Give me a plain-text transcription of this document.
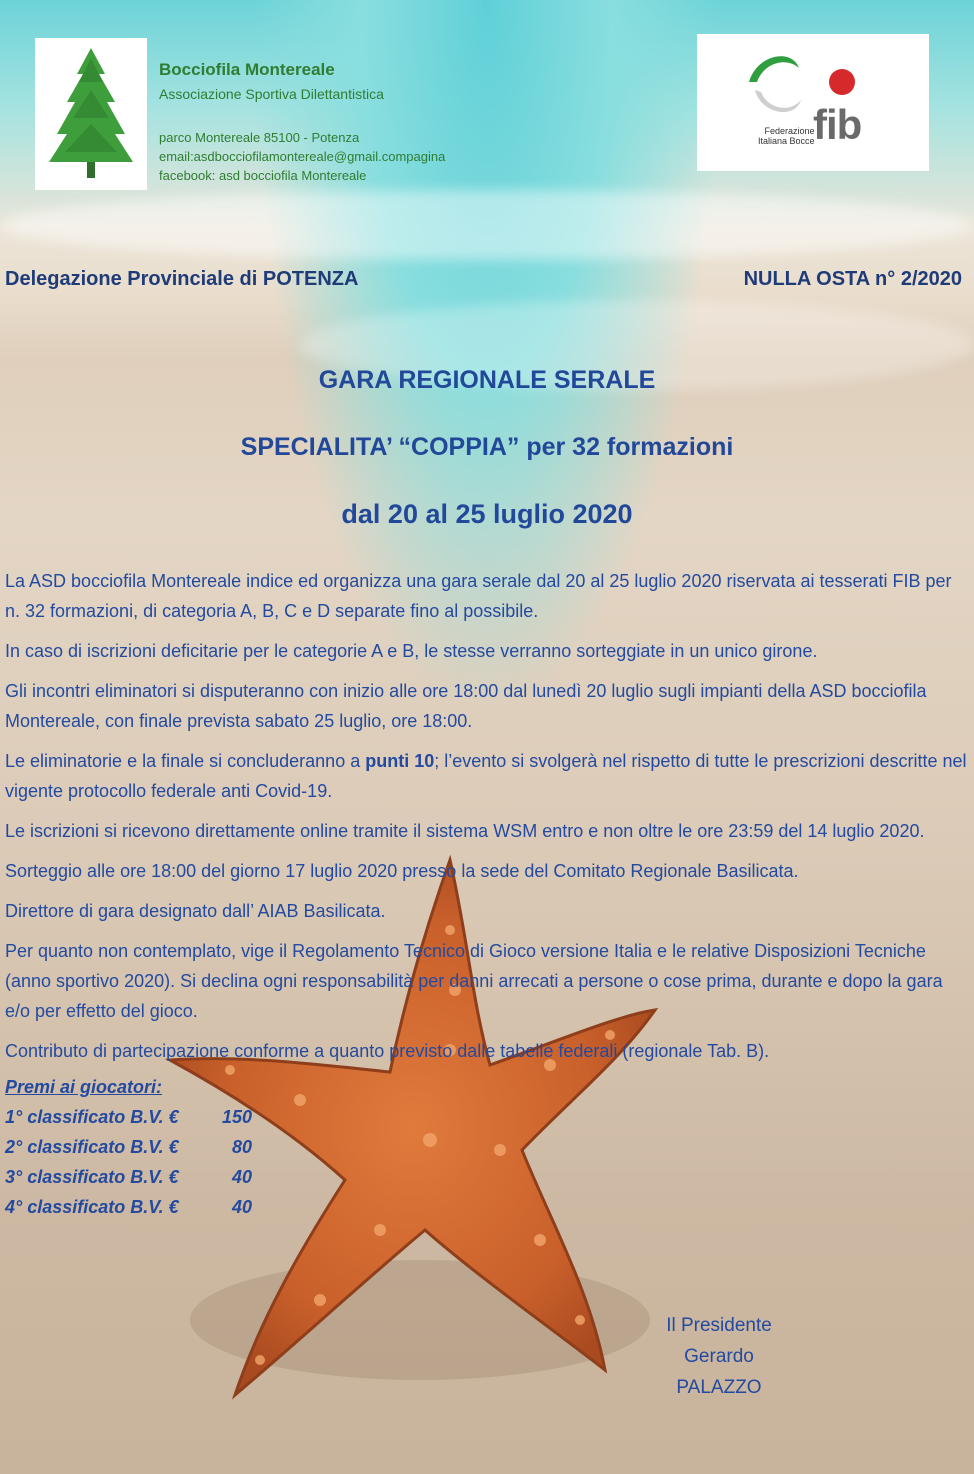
Bocciofila Montereale
Associazione Sportiva Dilettantistica
parco Montereale 85100 - Potenza
email:asdbocciofilamontereale@gmail.compagina
facebook: asd bocciofila Montereale
fib
Federazione
Italiana Bocce
Delegazione Provinciale di POTENZA	NULLA OSTA n° 2/2020
GARA REGIONALE SERALE
SPECIALITA’ “COPPIA” per 32 formazioni
dal 20 al 25 luglio 2020

La ASD bocciofila Montereale indice ed organizza una gara serale dal 20 al 25 luglio 2020 riservata ai tesserati FIB per n. 32 formazioni, di categoria A, B, C e D separate fino al possibile.

In caso di iscrizioni deficitarie per le categorie A e B, le stesse verranno sorteggiate in un unico girone.

Gli incontri eliminatori si disputeranno con inizio alle ore 18:00 dal lunedì 20 luglio sugli impianti della ASD bocciofila Montereale, con finale prevista sabato 25 luglio, ore 18:00.

Le eliminatorie e la finale si concluderanno a punti 10; l’evento si svolgerà nel rispetto di tutte le prescrizioni descritte nel vigente protocollo federale anti Covid-19.

Le iscrizioni si ricevono direttamente online tramite il sistema WSM entro e non oltre le ore 23:59 del 14 luglio 2020.

Sorteggio alle ore 18:00 del giorno 17 luglio 2020 presso la sede del Comitato Regionale Basilicata.

Direttore di gara designato dall’ AIAB Basilicata.

Per quanto non contemplato, vige il Regolamento Tecnico di Gioco versione Italia e le relative Disposizioni Tecniche (anno sportivo 2020). Si declina ogni responsabilità per danni arrecati a persone o cose prima, durante e dopo la gara e/o per effetto del gioco.

Contributo di partecipazione conforme a quanto previsto dalle tabelle federali (regionale Tab. B).

Premi ai giocatori:
1° classificato B.V. €	150
2° classificato B.V. €	80
3° classificato B.V. €	40
4° classificato B.V. €	40
Il Presidente
Gerardo PALAZZO
